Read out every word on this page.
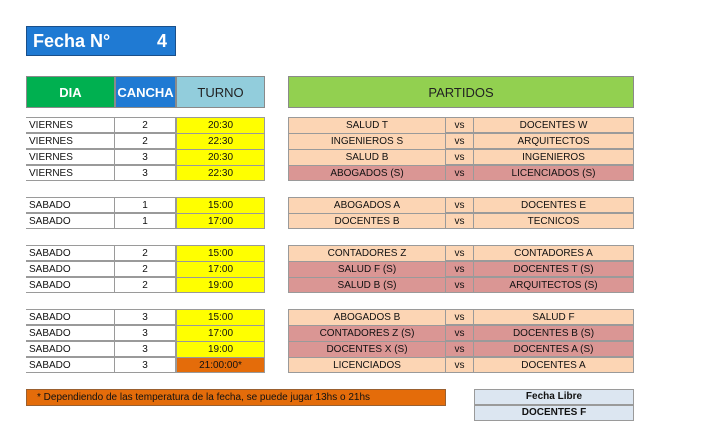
Fecha N°	4
DIA	CANCHA	TURNO	PARTIDOS
VIERNES	2	20:30	SALUD T	vs	DOCENTES W
VIERNES	2	22:30	INGENIEROS S	vs	ARQUITECTOS
VIERNES	3	20:30	SALUD B	vs	INGENIEROS
VIERNES	3	22:30	ABOGADOS (S)	vs	LICENCIADOS (S)
SABADO	1	15:00	ABOGADOS A	vs	DOCENTES E
SABADO	1	17:00	DOCENTES B	vs	TECNICOS
SABADO	2	15:00	CONTADORES Z	vs	CONTADORES A
SABADO	2	17:00	SALUD F (S)	vs	DOCENTES T (S)
SABADO	2	19:00	SALUD B (S)	vs	ARQUITECTOS (S)
SABADO	3	15:00	ABOGADOS B	vs	SALUD F
SABADO	3	17:00	CONTADORES Z (S)	vs	DOCENTES B (S)
SABADO	3	19:00	DOCENTES X (S)	vs	DOCENTES A (S)
SABADO	3	21:00:00*	LICENCIADOS	vs	DOCENTES A
* Dependiendo de las temperatura de la fecha, se puede jugar 13hs o 21hs	Fecha Libre
DOCENTES F
